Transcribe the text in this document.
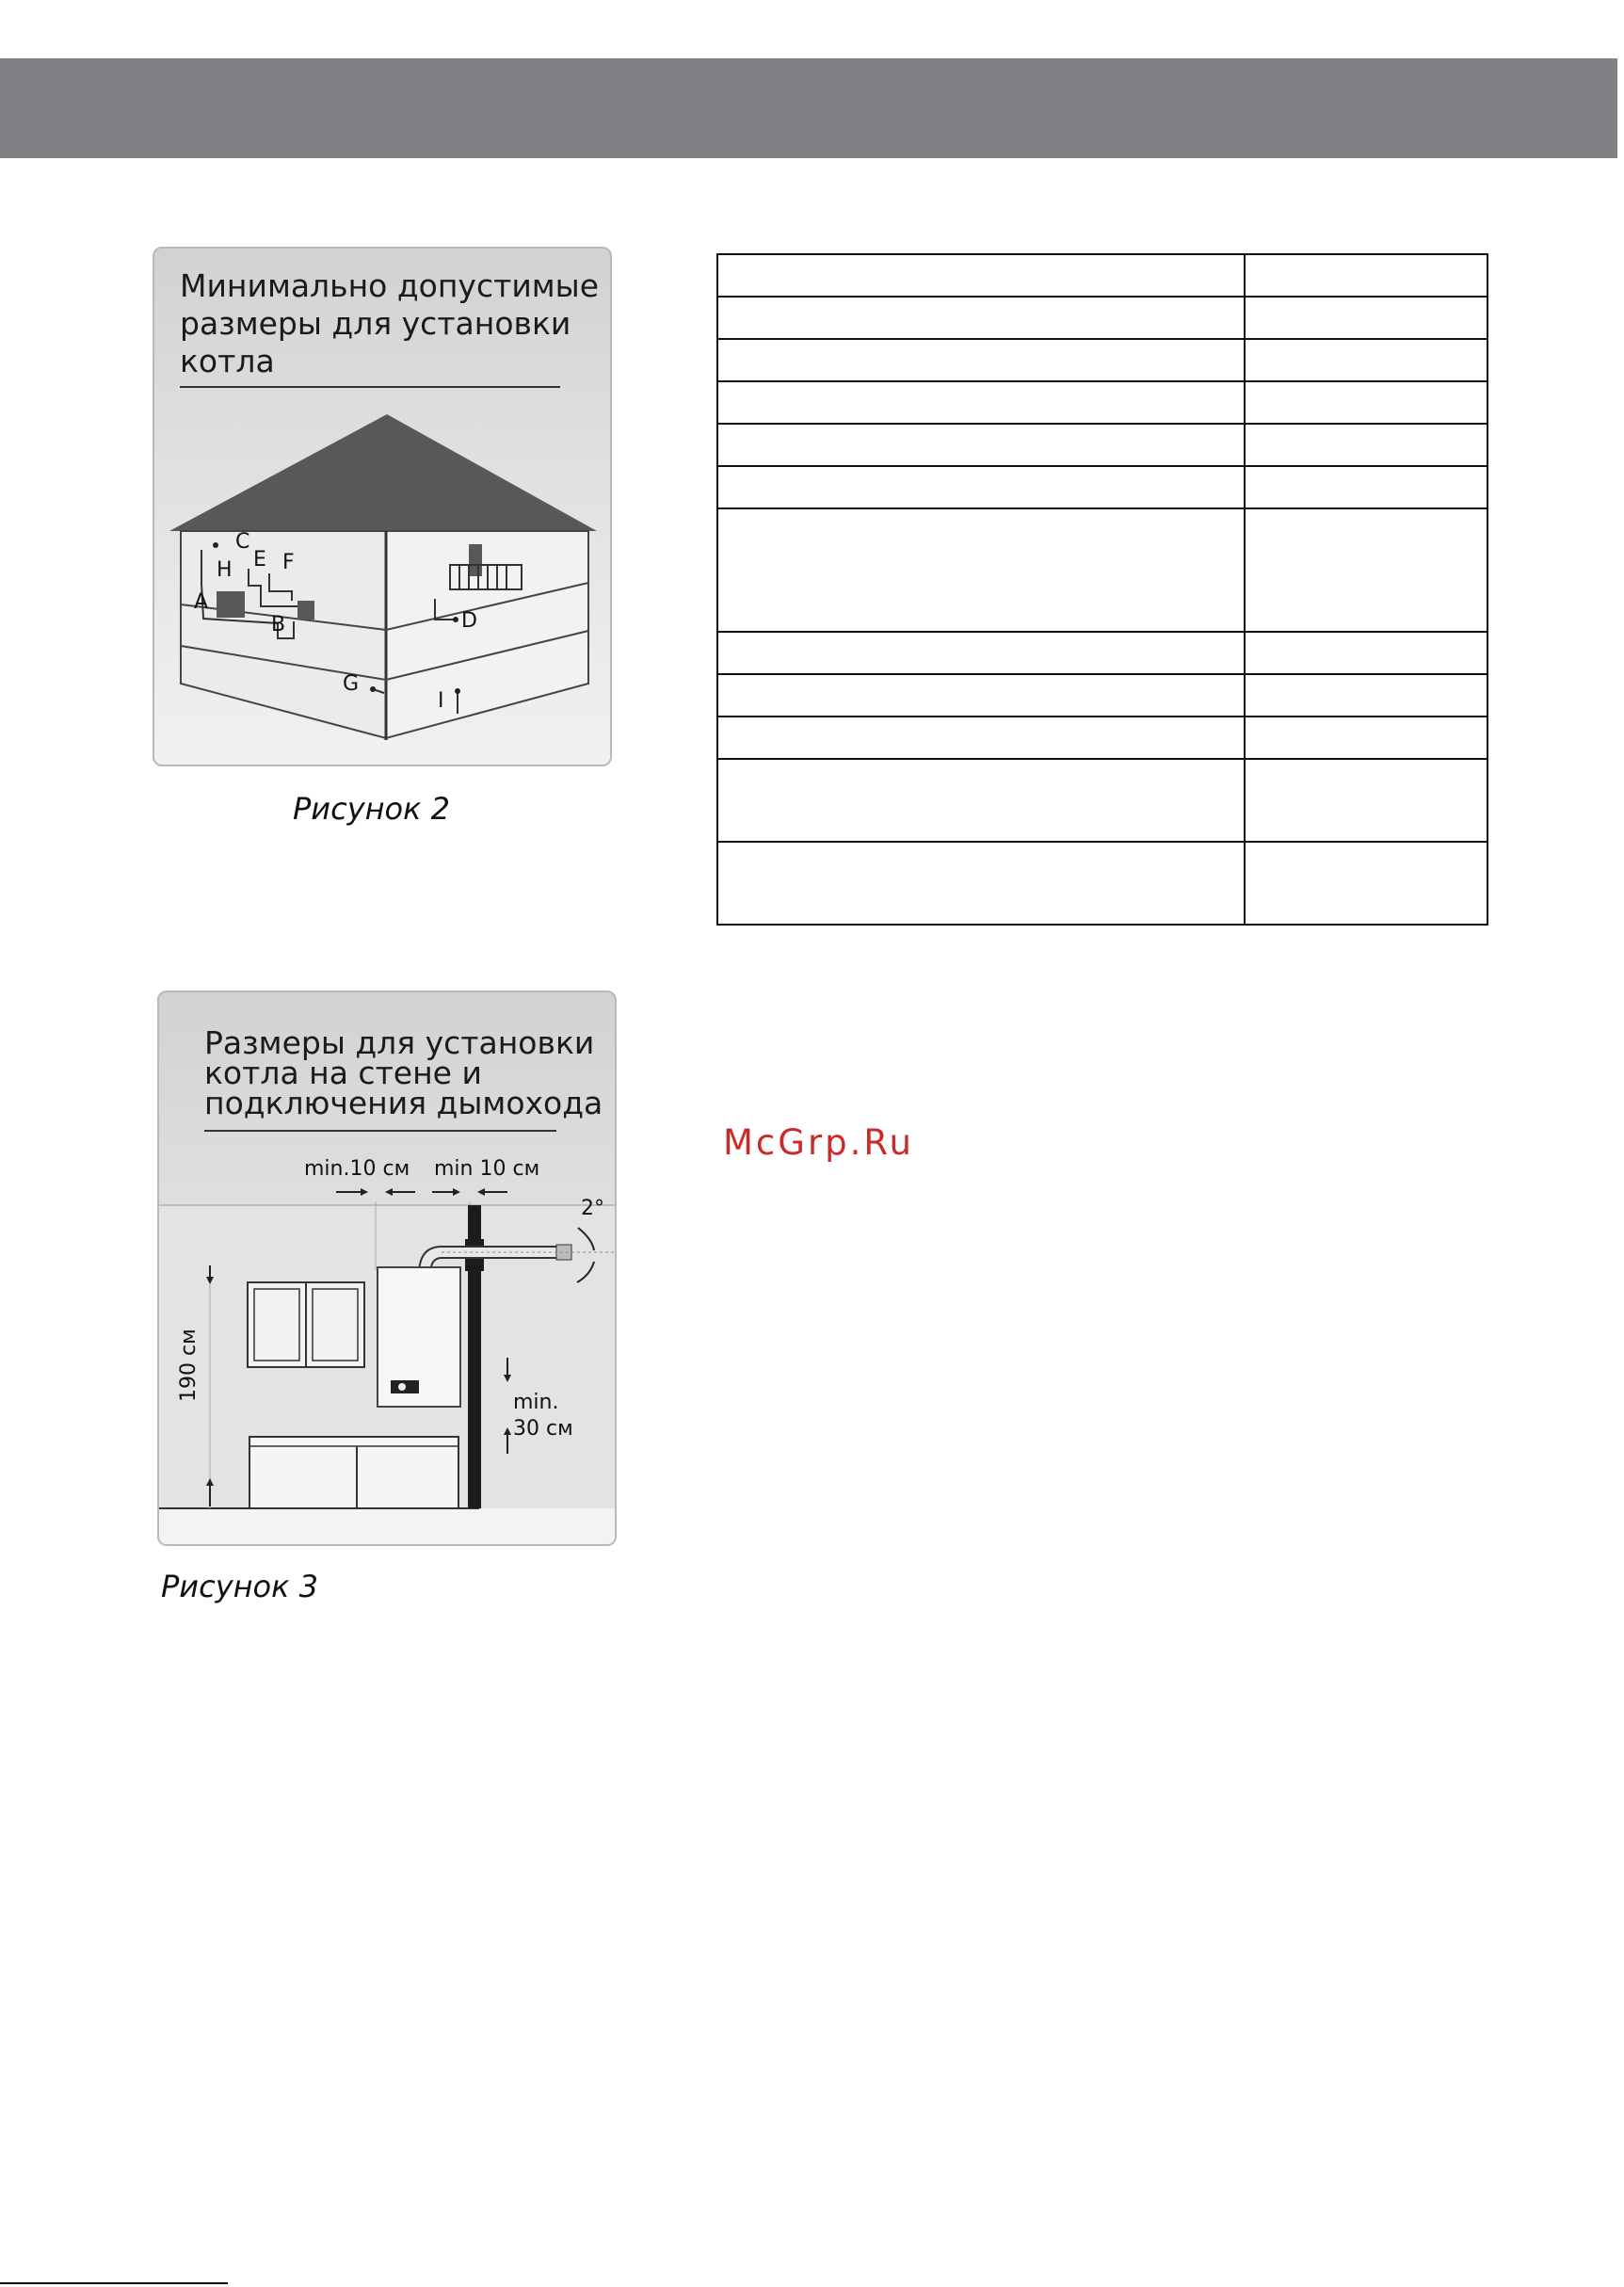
Минимально допустимые
размеры для установки
котла
A
B
C
D
E F
G
H
I
Рисунок 2

Размеры для установки
котла на стене и
подключения дымохода
min.10 см min 10 см
2°
190 см
min.
30 см
Рисунок 3
McGrp.Ru
